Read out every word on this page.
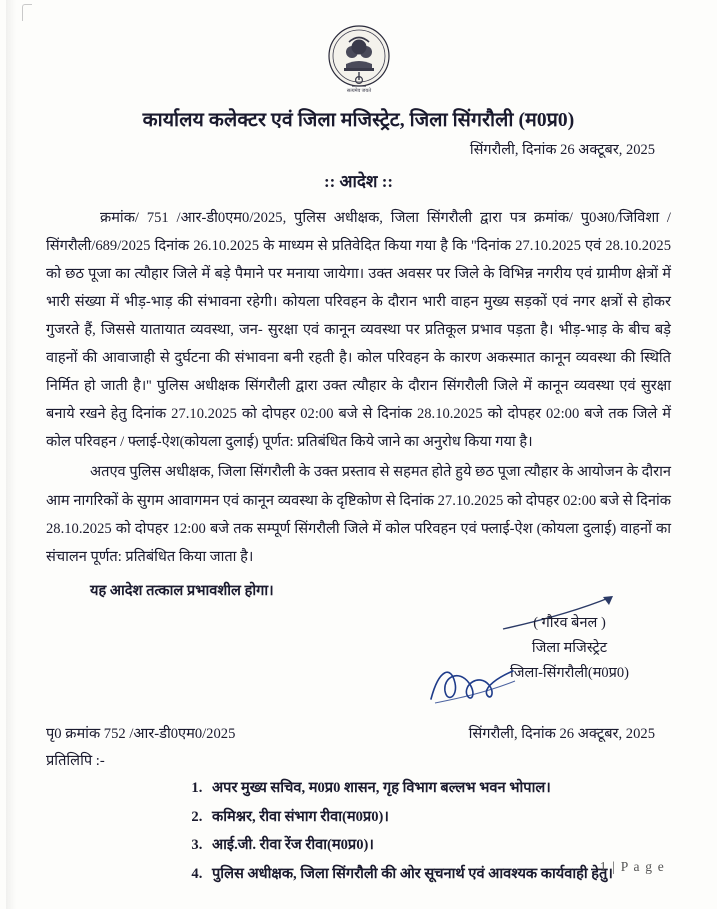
सत्यमेव जयते
कार्यालय कलेक्टर एवं जिला मजिस्ट्रेट, जिला सिंगरौली (म0प्र0)
सिंगरौली, दिनांक 26 अक्टूबर, 2025
:: आदेश ::

क्रमांक/ 751 /आर-डी0एम0/2025, पुलिस अधीक्षक, जिला सिंगरौली द्वारा पत्र क्रमांक/ पु0अ0/जिविशा / सिंगरौली/689/2025 दिनांक 26.10.2025 के माध्यम से प्रतिवेदित किया गया है कि ''दिनांक 27.10.2025 एवं 28.10.2025 को छठ पूजा का त्यौहार जिले में बड़े पैमाने पर मनाया जायेगा। उक्त अवसर पर जिले के विभिन्न नगरीय एवं ग्रामीण क्षेत्रों में भारी संख्या में भीड़-भाड़ की संभावना रहेगी। कोयला परिवहन के दौरान भारी वाहन मुख्य सड़कों एवं नगर क्षत्रों से होकर गुजरते हैं, जिससे यातायात व्यवस्था, जन- सुरक्षा एवं कानून व्यवस्था पर प्रतिकूल प्रभाव पड़ता है। भीड़-भाड़ के बीच बड़े वाहनों की आवाजाही से दुर्घटना की संभावना बनी रहती है। कोल परिवहन के कारण अकस्मात कानून व्यवस्था की स्थिति निर्मित हो जाती है।'' पुलिस अधीक्षक सिंगरौली द्वारा उक्त त्यौहार के दौरान सिंगरौली जिले में कानून व्यवस्था एवं सुरक्षा बनाये रखने हेतु दिनांक 27.10.2025 को दोपहर 02:00 बजे से दिनांक 28.10.2025 को दोपहर 02:00 बजे तक जिले में कोल परिवहन / फ्लाई-ऐश(कोयला दुलाई) पूर्णत: प्रतिबंधित किये जाने का अनुरोध किया गया है।

अतएव पुलिस अधीक्षक, जिला सिंगरौली के उक्त प्रस्ताव से सहमत होते हुये छठ पूजा त्यौहार के आयोजन के दौरान आम नागरिकों के सुगम आवागमन एवं कानून व्यवस्था के दृष्टिकोण से दिनांक 27.10.2025 को दोपहर 02:00 बजे से दिनांक 28.10.2025 को दोपहर 12:00 बजे तक सम्पूर्ण सिंगरौली जिले में कोल परिवहन एवं फ्लाई-ऐश (कोयला दुलाई) वाहनों का संचालन पूर्णत: प्रतिबंधित किया जाता है।

यह आदेश तत्काल प्रभावशील होगा।

( गौरव बेनल )
जिला मजिस्ट्रेट
जिला-सिंगरौली(म0प्र0)
पृ0 क्रमांक 752 /आर-डी0एम0/2025	सिंगरौली, दिनांक 26 अक्टूबर, 2025
प्रतिलिपि :-
1. अपर मुख्य सचिव, म0प्र0 शासन, गृह विभाग बल्लभ भवन भोपाल।
2. कमिश्नर, रीवा संभाग रीवा(म0प्र0)।
3. आई.जी. रीवा रेंज रीवा(म0प्र0)।
4. पुलिस अधीक्षक, जिला सिंगरौली की ओर सूचनार्थ एवं आवश्यक कार्यवाही हेतु।
1 | P a g e
